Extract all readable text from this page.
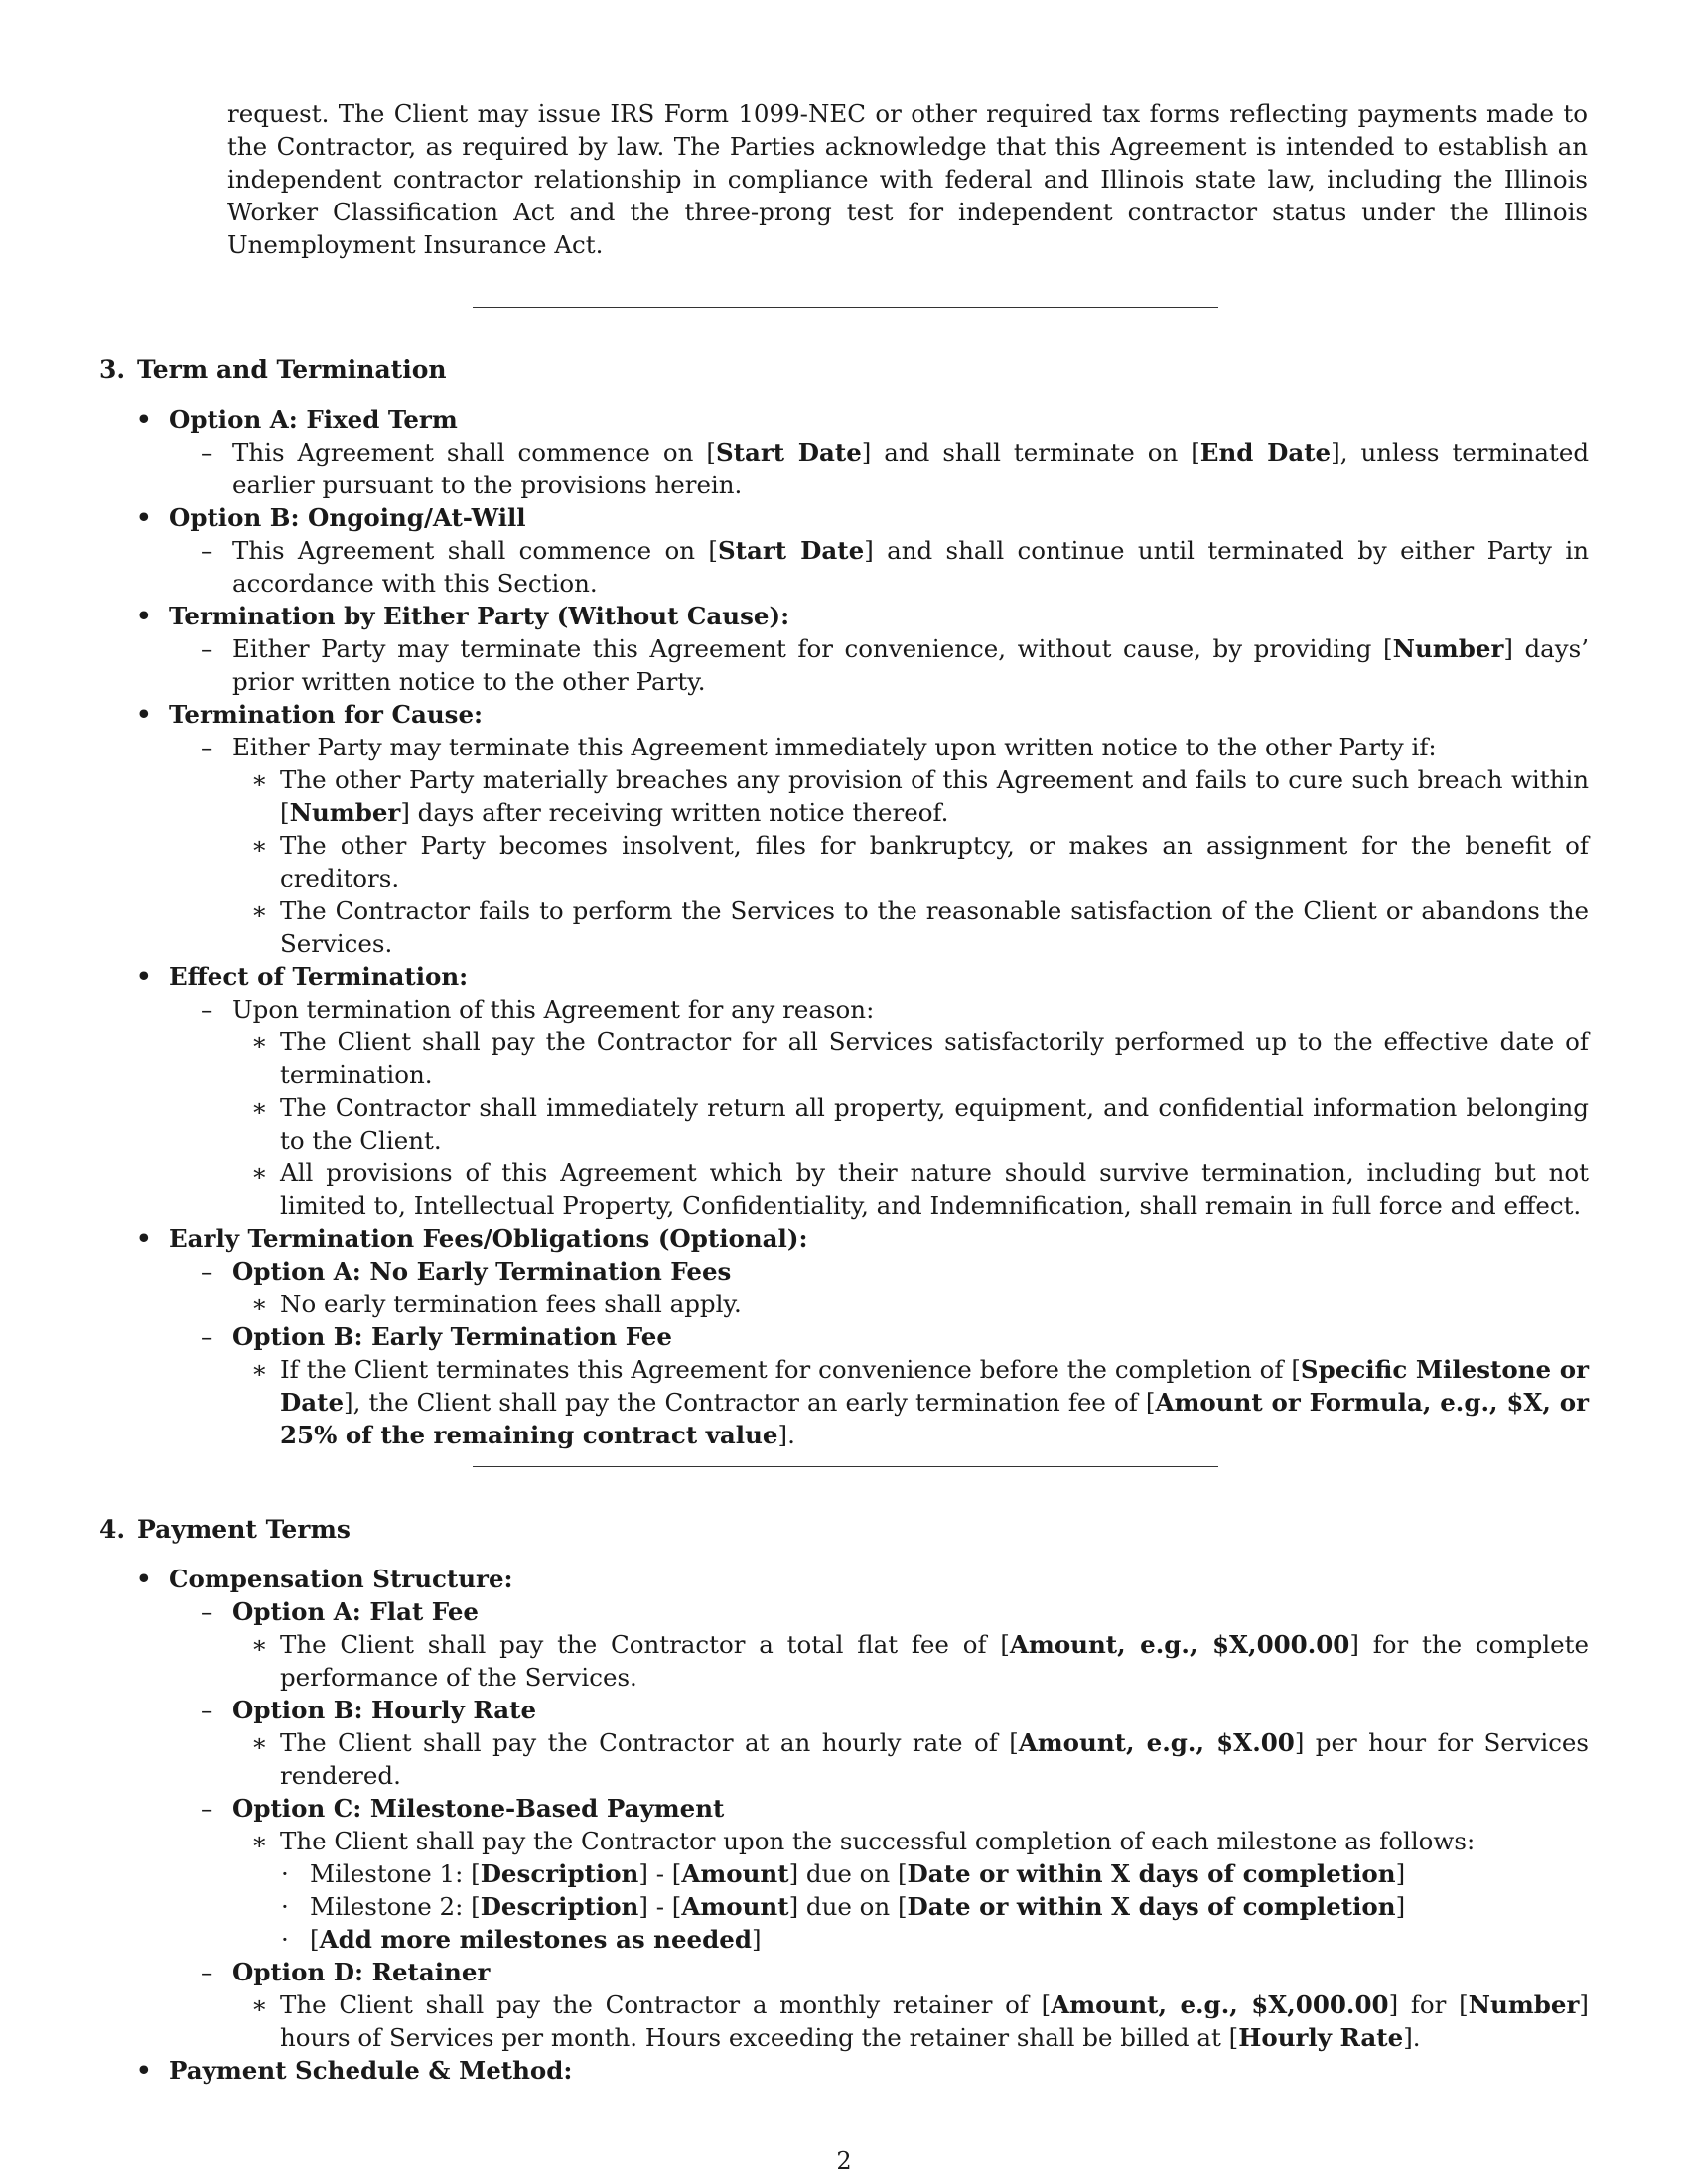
request. The Client may issue IRS Form 1099-NEC or other required tax forms reflecting payments made to the Contractor, as required by law. The Parties acknowledge that this Agreement is intended to establish an independent contractor relationship in compliance with federal and Illinois state law, including the Illinois Worker Classification Act and the three-prong test for independent contractor status under the Illinois Unemployment Insurance Act.

3. Term and Termination
• Option A: Fixed Term
– This Agreement shall commence on [Start Date] and shall terminate on [End Date], unless terminated earlier pursuant to the provisions herein.
• Option B: Ongoing/At-Will
– This Agreement shall commence on [Start Date] and shall continue until terminated by either Party in accordance with this Section.
• Termination by Either Party (Without Cause):
– Either Party may terminate this Agreement for convenience, without cause, by providing [Number] days’ prior written notice to the other Party.
• Termination for Cause:
– Either Party may terminate this Agreement immediately upon written notice to the other Party if:
∗ The other Party materially breaches any provision of this Agreement and fails to cure such breach within [Number] days after receiving written notice thereof.
∗ The other Party becomes insolvent, files for bankruptcy, or makes an assignment for the benefit of creditors.
∗ The Contractor fails to perform the Services to the reasonable satisfaction of the Client or abandons the Services.
• Effect of Termination:
– Upon termination of this Agreement for any reason:
∗ The Client shall pay the Contractor for all Services satisfactorily performed up to the effective date of termination.
∗ The Contractor shall immediately return all property, equipment, and confidential information belonging to the Client.
∗ All provisions of this Agreement which by their nature should survive termination, including but not limited to, Intellectual Property, Confidentiality, and Indemnification, shall remain in full force and effect.
• Early Termination Fees/Obligations (Optional):
– Option A: No Early Termination Fees
∗ No early termination fees shall apply.
– Option B: Early Termination Fee
∗ If the Client terminates this Agreement for convenience before the completion of [Specific Milestone or Date], the Client shall pay the Contractor an early termination fee of [Amount or Formula, e.g., $X, or 25% of the remaining contract value].
4. Payment Terms
• Compensation Structure:
– Option A: Flat Fee
∗ The Client shall pay the Contractor a total flat fee of [Amount, e.g., $X,000.00] for the complete performance of the Services.
– Option B: Hourly Rate
∗ The Client shall pay the Contractor at an hourly rate of [Amount, e.g., $X.00] per hour for Services rendered.
– Option C: Milestone-Based Payment
∗ The Client shall pay the Contractor upon the successful completion of each milestone as follows:
· Milestone 1: [Description] - [Amount] due on [Date or within X days of completion]
· Milestone 2: [Description] - [Amount] due on [Date or within X days of completion]
· [Add more milestones as needed]
– Option D: Retainer
∗ The Client shall pay the Contractor a monthly retainer of [Amount, e.g., $X,000.00] for [Number] hours of Services per month. Hours exceeding the retainer shall be billed at [Hourly Rate].
• Payment Schedule & Method:
2
